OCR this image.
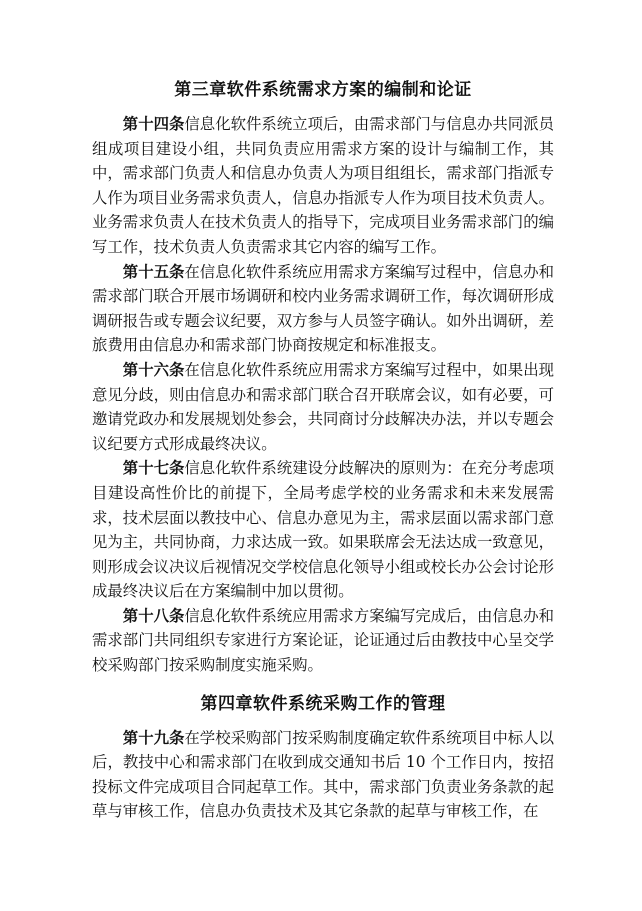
第三章软件系统需求方案的编制和论证

第十四条信息化软件系统立项后，由需求部门与信息办共同派员组成项目建设小组，共同负责应用需求方案的设计与编制工作，其中，需求部门负责人和信息办负责人为项目组组长，需求部门指派专人作为项目业务需求负责人，信息办指派专人作为项目技术负责人。业务需求负责人在技术负责人的指导下，完成项目业务需求部门的编写工作，技术负责人负责需求其它内容的编写工作。

第十五条在信息化软件系统应用需求方案编写过程中，信息办和需求部门联合开展市场调研和校内业务需求调研工作，每次调研形成调研报告或专题会议纪要，双方参与人员签字确认。如外出调研，差旅费用由信息办和需求部门协商按规定和标准报支。

第十六条在信息化软件系统应用需求方案编写过程中，如果出现意见分歧，则由信息办和需求部门联合召开联席会议，如有必要，可邀请党政办和发展规划处参会，共同商讨分歧解决办法，并以专题会议纪要方式形成最终决议。

第十七条信息化软件系统建设分歧解决的原则为：在充分考虑项目建设高性价比的前提下，全局考虑学校的业务需求和未来发展需求，技术层面以教技中心、信息办意见为主，需求层面以需求部门意见为主，共同协商，力求达成一致。如果联席会无法达成一致意见，则形成会议决议后视情况交学校信息化领导小组或校长办公会讨论形成最终决议后在方案编制中加以贯彻。

第十八条信息化软件系统应用需求方案编写完成后，由信息办和需求部门共同组织专家进行方案论证，论证通过后由教技中心呈交学校采购部门按采购制度实施采购。

第四章软件系统采购工作的管理

第十九条在学校采购部门按采购制度确定软件系统项目中标人以后，教技中心和需求部门在收到成交通知书后 10 个工作日内，按招投标文件完成项目合同起草工作。其中，需求部门负责业务条款的起草与审核工作，信息办负责技术及其它条款的起草与审核工作，在
